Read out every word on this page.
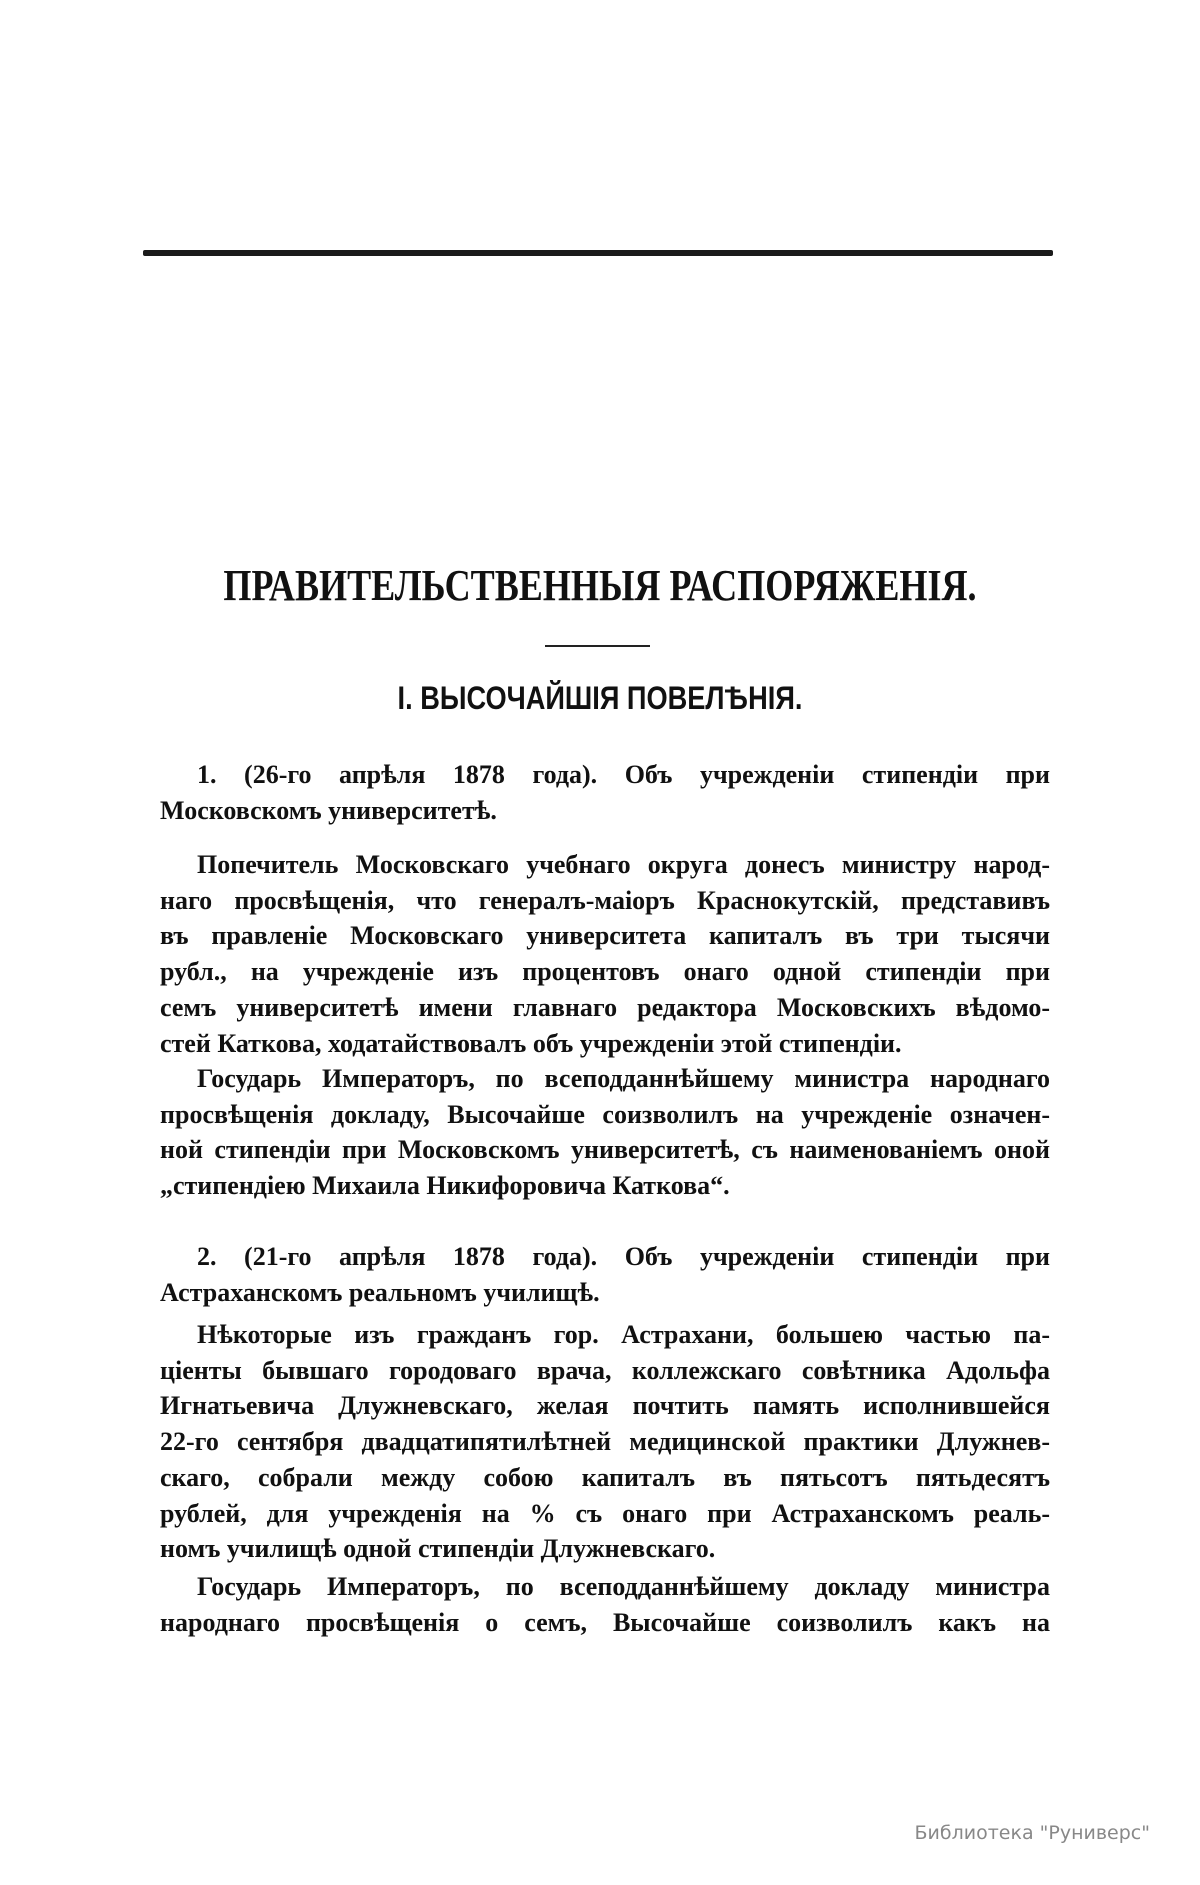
ПРАВИТЕЛЬСТВЕННЫЯ РАСПОРЯЖЕНІЯ.
I. ВЫСОЧАЙШІЯ ПОВЕЛѢНІЯ.
1. (26-го апрѣля 1878 года). Объ учрежденіи стипендіи при
Московскомъ университетѣ.
Попечитель Московскаго учебнаго округа донесъ министру народ-
наго просвѣщенія, что генералъ-маіоръ Краснокутскій, представивъ
въ правленіе Московскаго университета капиталъ въ три тысячи
рубл., на учрежденіе изъ процентовъ онаго одной стипендіи при
семъ университетѣ имени главнаго редактора Московскихъ вѣдомо-
стей Каткова, ходатайствовалъ объ учрежденіи этой стипендіи.
Государь Императоръ, по всеподданнѣйшему министра народнаго
просвѣщенія докладу, Высочайше соизволилъ на учрежденіе означен-
ной стипендіи при Московскомъ университетѣ, съ наименованіемъ оной
„стипендіею Михаила Никифоровича Каткова“.
2. (21-го апрѣля 1878 года). Объ учрежденіи стипендіи при
Астраханскомъ реальномъ училищѣ.
Нѣкоторые изъ гражданъ гор. Астрахани, большею частью па-
ціенты бывшаго городоваго врача, коллежскаго совѣтника Адольфа
Игнатьевича Длужневскаго, желая почтить память исполнившейся
22-го сентября двадцатипятилѣтней медицинской практики Длужнев-
скаго, собрали между собою капиталъ въ пятьсотъ пятьдесятъ
рублей, для учрежденія на % съ онаго при Астраханскомъ реаль-
номъ училищѣ одной стипендіи Длужневскаго.
Государь Императоръ, по всеподданнѣйшему докладу министра
народнаго просвѣщенія о семъ, Высочайше соизволилъ какъ на
Библиотека "Руниверс"
